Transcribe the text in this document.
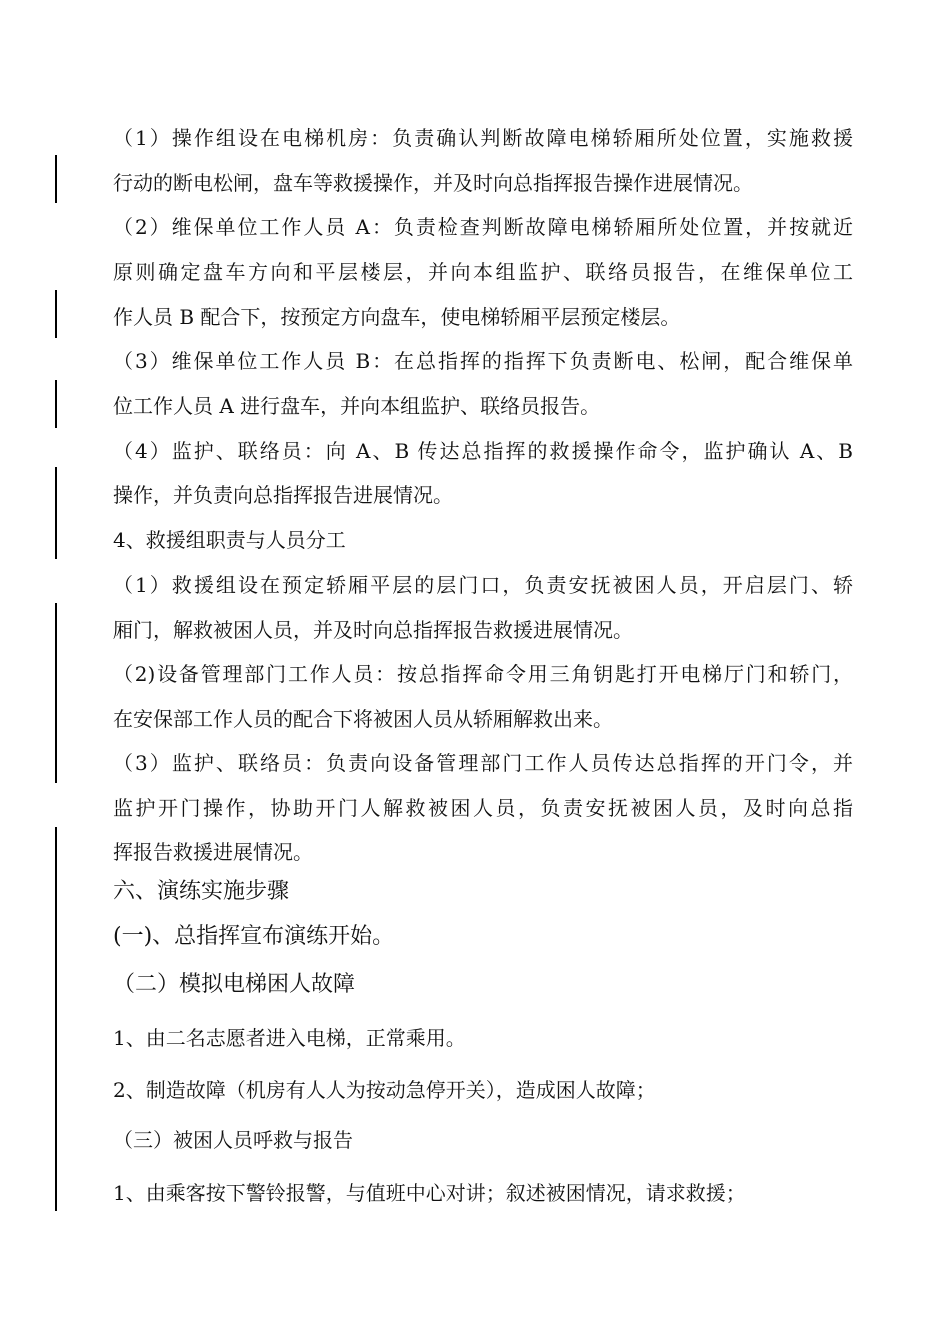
（1）操作组设在电梯机房：负责确认判断故障电梯轿厢所处位置，实施救援
行动的断电松闸，盘车等救援操作，并及时向总指挥报告操作进展情况。
（2）维保单位工作人员 A：负责检查判断故障电梯轿厢所处位置，并按就近
原则确定盘车方向和平层楼层，并向本组监护、联络员报告，在维保单位工
作人员 B 配合下，按预定方向盘车，使电梯轿厢平层预定楼层。
（3）维保单位工作人员 B：在总指挥的指挥下负责断电、松闸，配合维保单
位工作人员 A 进行盘车，并向本组监护、联络员报告。
（4）监护、联络员：向 A、B 传达总指挥的救援操作命令，监护确认 A、B
操作，并负责向总指挥报告进展情况。
4、救援组职责与人员分工
（1）救援组设在预定轿厢平层的层门口，负责安抚被困人员，开启层门、轿
厢门，解救被困人员，并及时向总指挥报告救援进展情况。
（2)设备管理部门工作人员：按总指挥命令用三角钥匙打开电梯厅门和轿门，
在安保部工作人员的配合下将被困人员从轿厢解救出来。
（3）监护、联络员：负责向设备管理部门工作人员传达总指挥的开门令，并
监护开门操作，协助开门人解救被困人员，负责安抚被困人员，及时向总指
挥报告救援进展情况。
六、演练实施步骤
(一)、总指挥宣布演练开始。
（二）模拟电梯困人故障
1、由二名志愿者进入电梯，正常乘用。
2、制造故障（机房有人人为按动急停开关），造成困人故障；
（三）被困人员呼救与报告
1、由乘客按下警铃报警，与值班中心对讲；叙述被困情况，请求救援；
